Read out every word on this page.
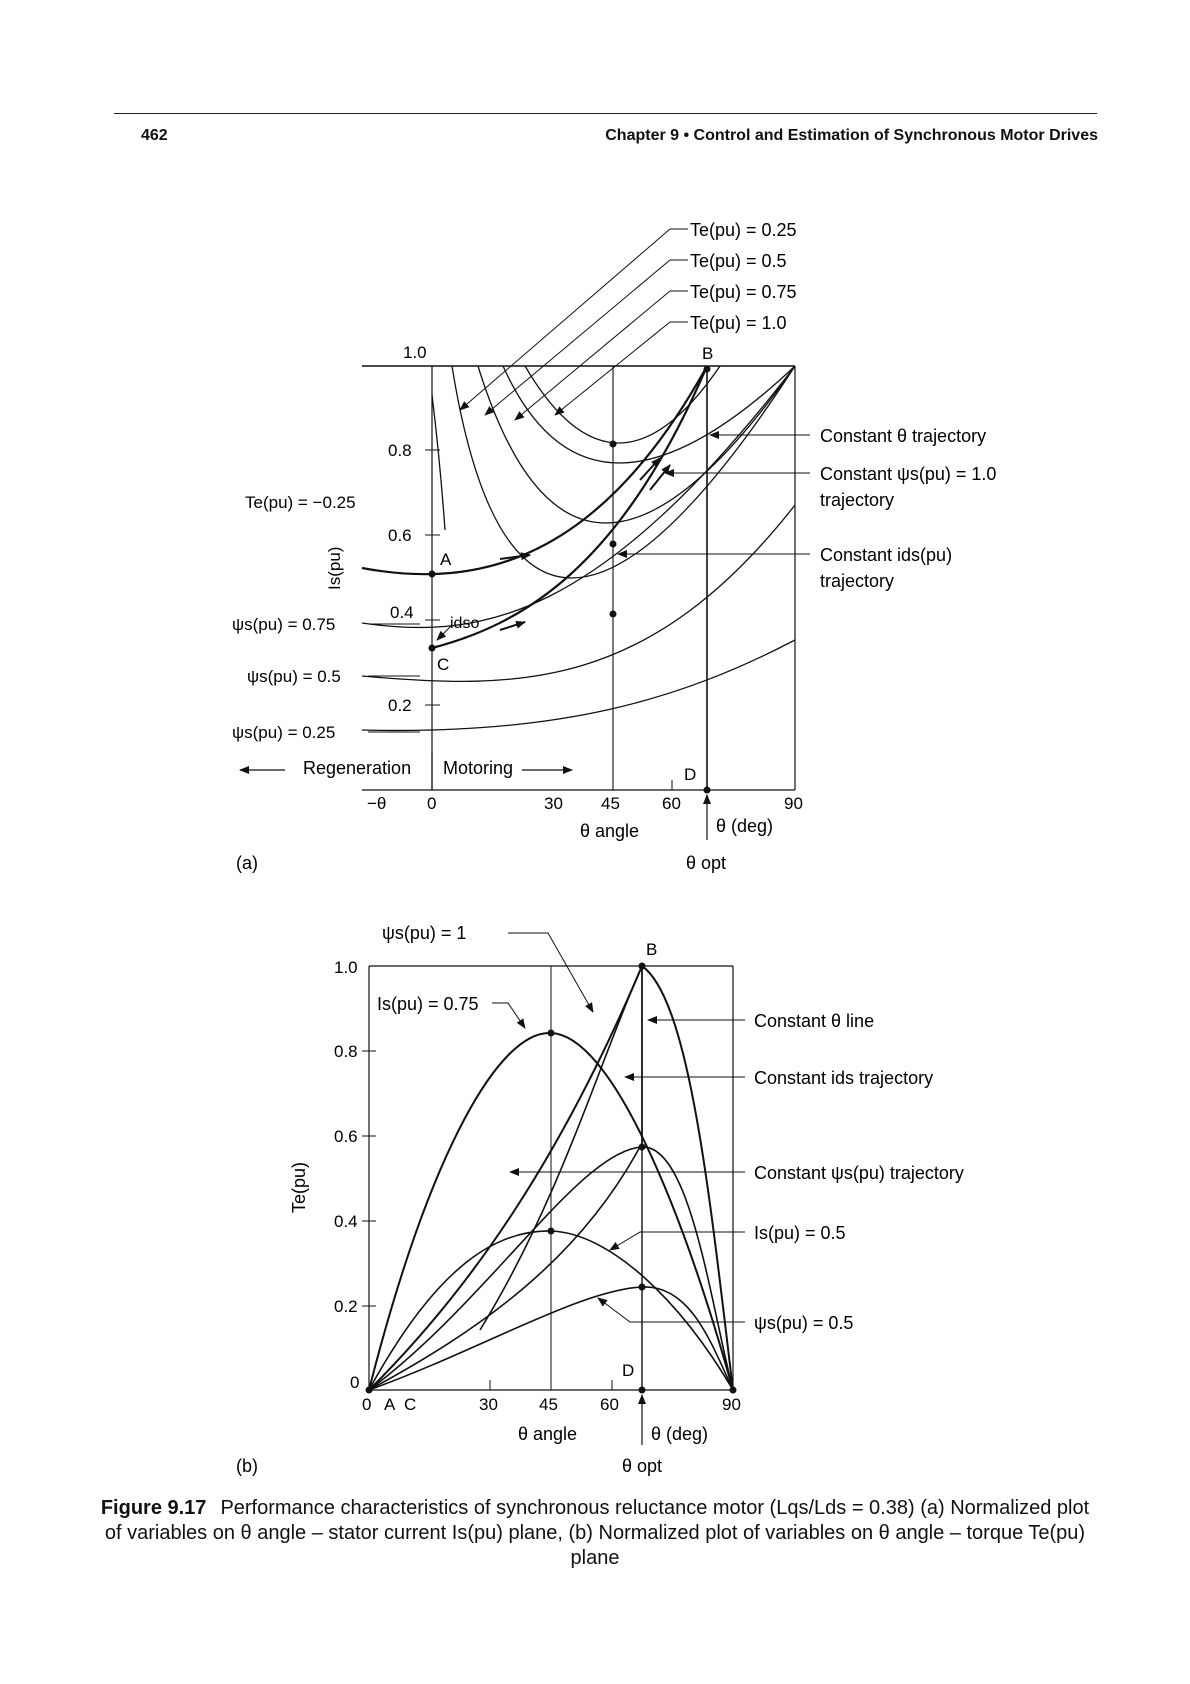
462	Chapter 9 • Control and Estimation of Synchronous Motor Drives
1.0
0.8
0.6
0.4
0.2
Is(pu)
Te(pu) = −0.25
ψs(pu) = 0.75
ψs(pu) = 0.5
ψs(pu) = 0.25
Te(pu) = 0.25
Te(pu) = 0.5
Te(pu) = 0.75
Te(pu) = 1.0
B
A
C
D
idso
Constant θ trajectory
Constant ψs(pu) = 1.0
trajectory
Constant ids(pu)
trajectory
Regeneration Motoring
−θ 0	30 45 60	90
θ angle	θ (deg)
θ opt
(a)
1.0
0.8
0.6
0.4
0.2
0
Te(pu)
ψs(pu) = 1
Is(pu) = 0.75
B
D
Constant θ line
Constant ids trajectory
Constant ψs(pu) trajectory
Is(pu) = 0.5
ψs(pu) = 0.5
0 A C	30 45 60	90
θ angle	θ (deg)
θ opt
(b)
Figure 9.17 Performance characteristics of synchronous reluctance motor (Lqs/Lds = 0.38) (a) Normalized plot of variables on θ angle – stator current Is(pu) plane, (b) Normalized plot of variables on θ angle – torque Te(pu) plane
